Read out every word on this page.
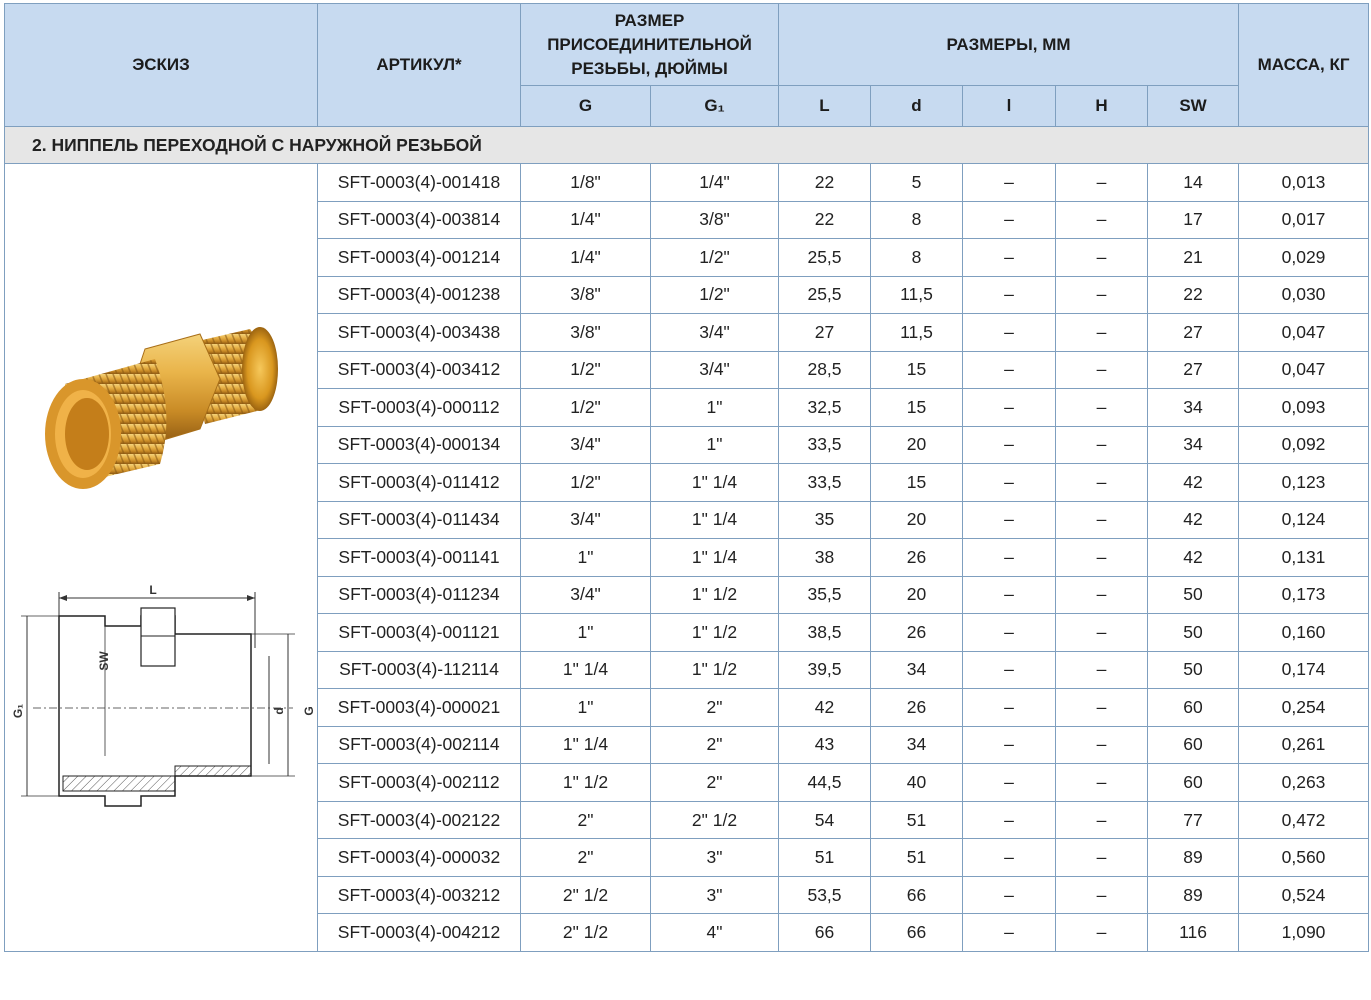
ЭСКИЗ	АРТИКУЛ*	РАЗМЕР ПРИСОЕДИНИТЕЛЬНОЙ РЕЗЬБЫ, ДЮЙМЫ		РАЗМЕРЫ, ММ					МАССА, КГ
		G	G₁	L	d	l	H	SW	
2. НИППЕЛЬ ПЕРЕХОДНОЙ С НАРУЖНОЙ РЕЗЬБОЙ									

L
G₁
SW
G
d	SFT-0003(4)-001418	1/8"	1/4"	22	5	–	–	14	0,013
	SFT-0003(4)-003814	1/4"	3/8"	22	8	–	–	17	0,017
	SFT-0003(4)-001214	1/4"	1/2"	25,5	8	–	–	21	0,029
	SFT-0003(4)-001238	3/8"	1/2"	25,5	11,5	–	–	22	0,030
	SFT-0003(4)-003438	3/8"	3/4"	27	11,5	–	–	27	0,047
	SFT-0003(4)-003412	1/2"	3/4"	28,5	15	–	–	27	0,047
	SFT-0003(4)-000112	1/2"	1"	32,5	15	–	–	34	0,093
	SFT-0003(4)-000134	3/4"	1"	33,5	20	–	–	34	0,092
	SFT-0003(4)-011412	1/2"	1" 1/4	33,5	15	–	–	42	0,123
	SFT-0003(4)-011434	3/4"	1" 1/4	35	20	–	–	42	0,124
	SFT-0003(4)-001141	1"	1" 1/4	38	26	–	–	42	0,131
	SFT-0003(4)-011234	3/4"	1" 1/2	35,5	20	–	–	50	0,173
	SFT-0003(4)-001121	1"	1" 1/2	38,5	26	–	–	50	0,160
	SFT-0003(4)-112114	1" 1/4	1" 1/2	39,5	34	–	–	50	0,174
	SFT-0003(4)-000021	1"	2"	42	26	–	–	60	0,254
	SFT-0003(4)-002114	1" 1/4	2"	43	34	–	–	60	0,261
	SFT-0003(4)-002112	1" 1/2	2"	44,5	40	–	–	60	0,263
	SFT-0003(4)-002122	2"	2" 1/2	54	51	–	–	77	0,472
	SFT-0003(4)-000032	2"	3"	51	51	–	–	89	0,560
	SFT-0003(4)-003212	2" 1/2	3"	53,5	66	–	–	89	0,524
	SFT-0003(4)-004212	2" 1/2	4"	66	66	–	–	116	1,090
